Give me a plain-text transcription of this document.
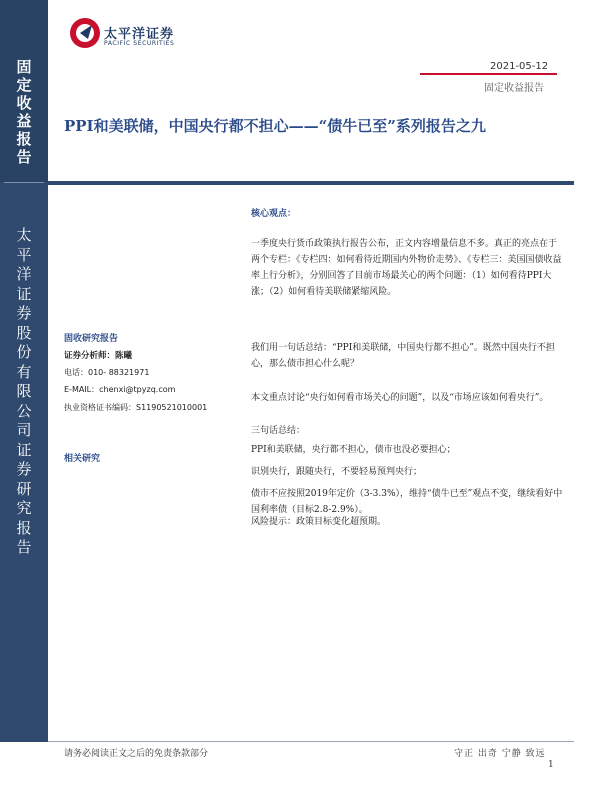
固
定
收
益
报
告
太
平
洋
证
券
股
份
有
限
公
司
证
券
研
究
报
告
太平洋证券
PACIFIC SECURITIES
2021-05-12
固定收益报告
PPI和美联储，中国央行都不担心——“债牛已至”系列报告之九
固收研究报告
证券分析师：陈曦
电话：010- 88321971
E-MAIL：chenxi@tpyzq.com
执业资格证书编码：S1190521010001
相关研究
核心观点：
一季度央行货币政策执行报告公布，正文内容增量信息不多。真正的亮点在于两个专栏：《专栏四：如何看待近期国内外物价走势》、《专栏三：美国国债收益率上行分析》，分别回答了目前市场最关心的两个问题：（1）如何看待PPI大涨；（2）如何看待美联储紧缩风险。
我们用一句话总结：“PPI和美联储，中国央行都不担心”。既然中国央行不担心，那么债市担心什么呢？
本文重点讨论“央行如何看市场关心的问题”，以及“市场应该如何看央行”。
三句话总结：
PPI和美联储，央行都不担心，债市也没必要担心；
识别央行，跟随央行，不要轻易预判央行；
债市不应按照2019年定价（3-3.3%），维持“债牛已至”观点不变，继续看好中国利率债（目标2.8-2.9%）。
风险提示：政策目标变化超预期。
请务必阅读正文之后的免责条款部分	守正 出奇 宁静 致远
1
